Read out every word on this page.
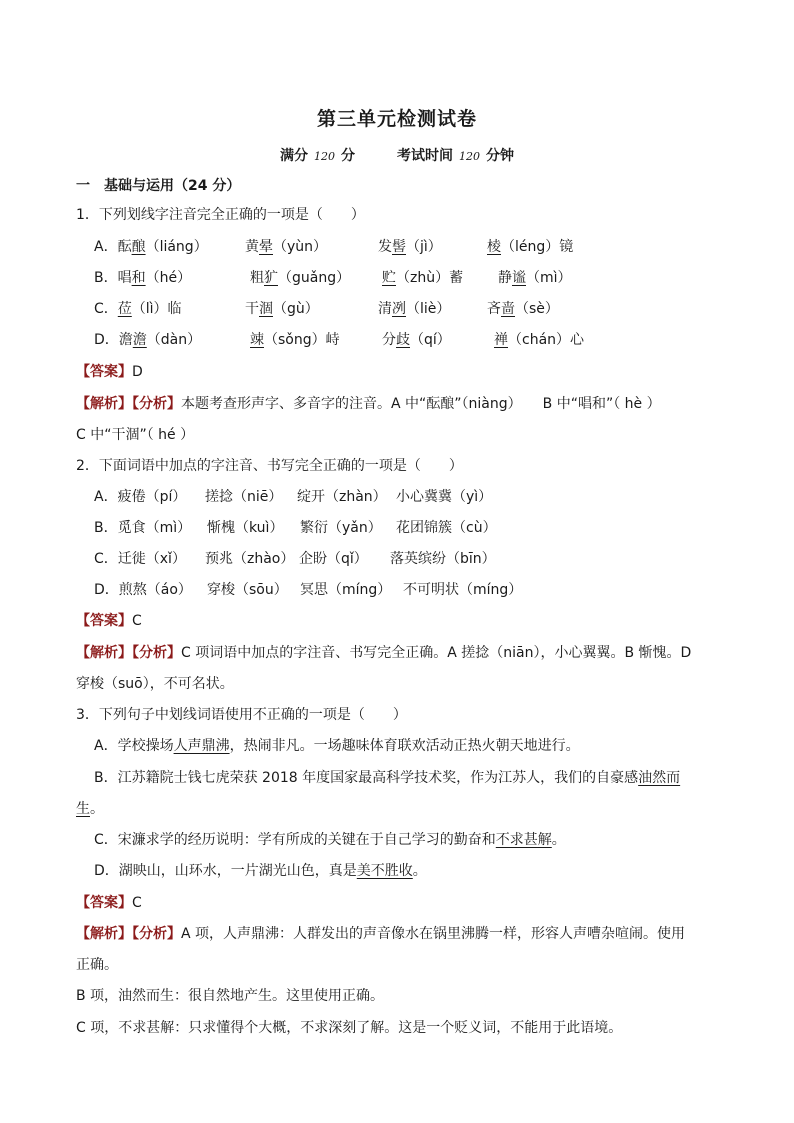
第三单元检测试卷
满分 120 分	考试时间 120 分钟
一　基础与运用（24 分）
1．下列划线字注音完全正确的一项是（　　）
A．酝酿（liáng）	黄晕（yùn）	发髻（jì）	棱（léng）镜
B．唱和（hé）	粗犷（guǎng） 贮（zhù）蓄 静谧（mì）
C．莅（lì）临	干涸（gù）	清冽（liè）	吝啬（sè）
D．澹澹（dàn）	竦（sǒng）峙	分歧（qí）	禅（chán）心
【答案】D
【解析】【分析】本题考查形声字、多音字的注音。A 中“酝酿”（niàng）　　B 中“唱和”（ hè ）
C 中“干涸”（ hé ）
2．下面词语中加点的字注音、书写完全正确的一项是（　　）
A．疲倦（pí） 搓捻（niē） 绽开（zhàn） 小心冀冀（yì）
B．觅食（mì） 惭槐（kuì） 繁衍（yǎn） 花团锦簇（cù）
C．迁徙（xǐ） 预兆（zhào） 企盼（qǐ） 落英缤纷（bīn）
D．煎熬（áo） 穿梭（sōu） 冥思（míng） 不可明状（míng）
【答案】C
【解析】【分析】C 项词语中加点的字注音、书写完全正确。A 搓捻（niān），小心翼翼。B 惭愧。D
穿梭（suō），不可名状。
3．下列句子中划线词语使用不正确的一项是（　　）
A．学校操场人声鼎沸，热闹非凡。一场趣味体育联欢活动正热火朝天地进行。
B．江苏籍院士钱七虎荣获 2018 年度国家最高科学技术奖，作为江苏人，我们的自豪感油然而
生。
C．宋濂求学的经历说明：学有所成的关键在于自己学习的勤奋和不求甚解。
D．湖映山，山环水，一片湖光山色，真是美不胜收。
【答案】C
【解析】【分析】A 项，人声鼎沸：人群发出的声音像水在锅里沸腾一样，形容人声嘈杂喧闹。使用
正确。
B 项，油然而生：很自然地产生。这里使用正确。
C 项，不求甚解：只求懂得个大概，不求深刻了解。这是一个贬义词，不能用于此语境。
